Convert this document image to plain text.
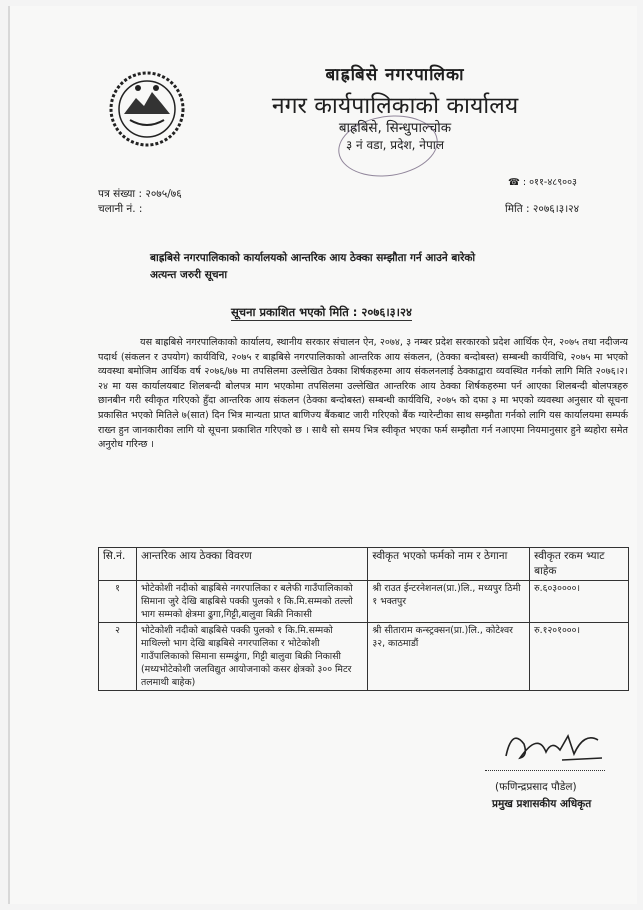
बाह्रबिसे नगरपालिका
नगर कार्यपालिकाको कार्यालय
बाह्रबिसे, सिन्धुपाल्चोक
३ नं वडा, प्रदेश, नेपाल
☎ : ०११-४८९००३
पत्र संख्या : २०७५/७६
चलानी नं. :	मिति : २०७६।३।२४
बाह्रबिसे नगरपालिकाको कार्यालयको आन्तरिक आय ठेक्का सम्झौता गर्न आउने बारेको अत्यन्त जरुरी सूचना
सूचना प्रकाशित भएको मिति : २०७६।३।२४
यस बाह्रबिसे नगरपालिकाको कार्यालय, स्थानीय सरकार संचालन ऐन, २०७४, ३ नम्बर प्रदेश सरकारको प्रदेश आर्थिक ऐन, २०७५ तथा नदीजन्य पदार्थ (संकलन र उपयोग) कार्यविधि, २०७५ र बाह्रबिसे नगरपालिकाको आन्तरिक आय संकलन, (ठेक्का बन्दोबस्त) सम्बन्धी कार्यविधि, २०७५ मा भएको व्यवस्था बमोजिम आर्थिक वर्ष २०७६/७७ मा तपसिलमा उल्लेखित ठेक्का शिर्षकहरुमा आय संकलनलाई ठेक्काद्वारा व्यवस्थित गर्नको लागि मिति २०७६।२।२४ मा यस कार्यालयबाट शिलबन्दी बोलपत्र माग भएकोमा तपसिलमा उल्लेखित आन्तरिक आय ठेक्का शिर्षकहरुमा पर्न आएका शिलबन्दी बोलपत्रहरु छानबीन गरी स्वीकृत गरिएको हुँदा आन्तरिक आय संकलन (ठेक्का बन्दोबस्त) सम्बन्धी कार्यविधि, २०७५ को दफा ३ मा भएको व्यवस्था अनुसार यो सूचना प्रकासित भएको मितिले ७(सात) दिन भित्र मान्यता प्राप्त बाणिज्य बैंकबाट जारी गरिएको बैंक ग्यारेन्टीका साथ सम्झौता गर्नको लागि यस कार्यालयमा सम्पर्क राख्न हुन जानकारीका लागि यो सूचना प्रकाशित गरिएको छ । साथै सो समय भित्र स्वीकृत भएका फर्म सम्झौता गर्न नआएमा नियमानुसार हुने ब्यहोरा समेत अनुरोध गरिन्छ ।
सि.नं.	आन्तरिक आय ठेक्का विवरण	स्वीकृत भएको फर्मको नाम र ठेगाना	स्वीकृत रकम भ्याट बाहेक
१	भोटेकोशी नदीको बाह्रबिसे नगरपालिका र बलेफी गाउँपालिकाको सिमाना जुरे देखि बाह्रबिसे पक्की पुलको १ कि.मि.सम्मको तल्लो भाग सम्मको क्षेत्रमा ढुगा,गिट्टी,बालुवा बिक्री निकासी	श्री राउत ईन्टरनेशनल(प्रा.)लि., मध्यपुर ठिमी १ भक्तपुर	रु.६०३००००।
२	भोटेकोशी नदीको बाह्रबिसे पक्की पुलको १ कि.मि.सम्मको माथिल्लो भाग देखि बाह्रबिसे नगरपालिका र भोटेकोशी गाउँपालिकाको सिमाना सम्मढुंगा, गिट्टी बालुवा बिक्री निकासी (मध्यभोटेकोशी जलविद्युत आयोजनाको कसर क्षेत्रको ३०० मिटर तलमाथी बाहेक)	श्री सीताराम कन्स्ट्रक्सन(प्रा.)लि., कोटेश्वर ३२, काठमाडौं	रु.१२०१०००।
(फणिन्द्रप्रसाद पौडेल)
प्रमुख प्रशासकीय अधिकृत
